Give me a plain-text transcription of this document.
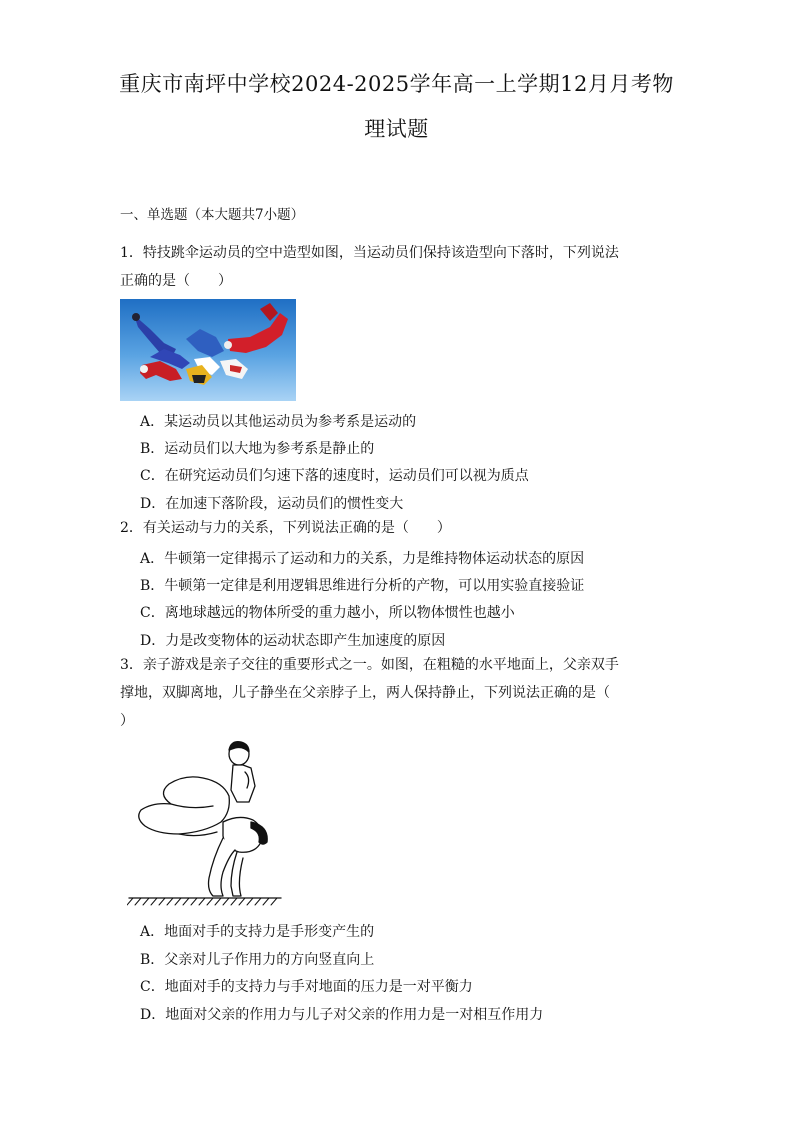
重庆市南坪中学校2024-2025学年高一上学期12月月考物
理试题
一、单选题（本大题共7小题）
1．特技跳伞运动员的空中造型如图，当运动员们保持该造型向下落时，下列说法
正确的是（　　）
A．某运动员以其他运动员为参考系是运动的
B．运动员们以大地为参考系是静止的
C．在研究运动员们匀速下落的速度时，运动员们可以视为质点
D．在加速下落阶段，运动员们的惯性变大
2．有关运动与力的关系，下列说法正确的是（　　）
A．牛顿第一定律揭示了运动和力的关系，力是维持物体运动状态的原因
B．牛顿第一定律是利用逻辑思维进行分析的产物，可以用实验直接验证
C．离地球越远的物体所受的重力越小，所以物体惯性也越小
D．力是改变物体的运动状态即产生加速度的原因
3．亲子游戏是亲子交往的重要形式之一。如图，在粗糙的水平地面上，父亲双手
撑地，双脚离地，儿子静坐在父亲脖子上，两人保持静止，下列说法正确的是（
）
A．地面对手的支持力是手形变产生的
B．父亲对儿子作用力的方向竖直向上
C．地面对手的支持力与手对地面的压力是一对平衡力
D．地面对父亲的作用力与儿子对父亲的作用力是一对相互作用力
